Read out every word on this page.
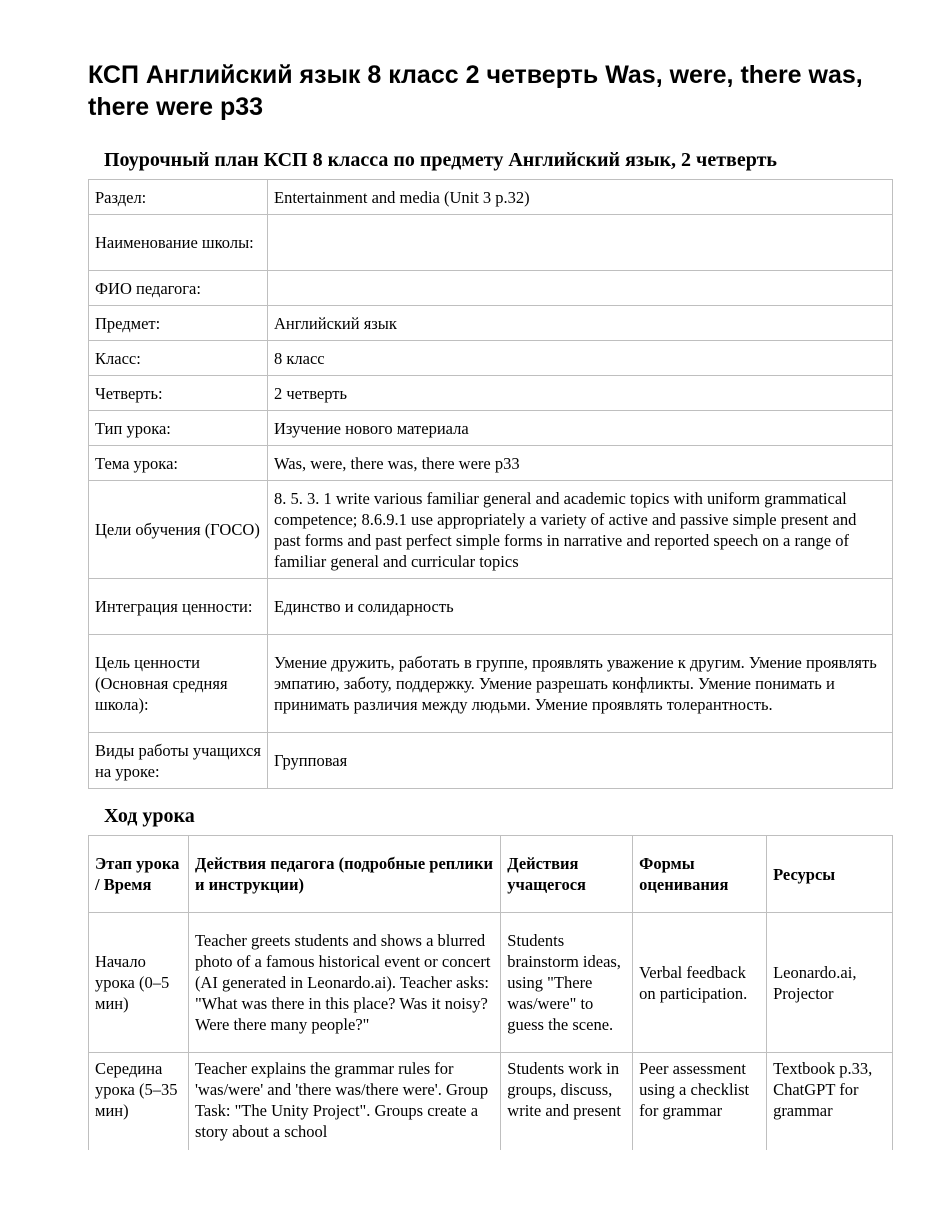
КСП Английский язык 8 класс 2 четверть Was, were, there was, there were p33
Поурочный план КСП 8 класса по предмету Английский язык, 2 четверть
Раздел:	Entertainment and media (Unit 3 p.32)
Наименование школы:	
ФИО педагога:	
Предмет:	Английский язык
Класс:	8 класс
Четверть:	2 четверть
Тип урока:	Изучение нового материала
Тема урока:	Was, were, there was, there were p33
Цели обучения (ГОСО)	8. 5. 3. 1 write various familiar general and academic topics with uniform grammatical competence; 8.6.9.1 use appropriately a variety of active and passive simple present and past forms and past perfect simple forms in narrative and reported speech on a range of familiar general and curricular topics
Интеграция ценности:	Единство и солидарность
Цель ценности (Основная средняя школа):	Умение дружить, работать в группе, проявлять уважение к другим. Умение проявлять эмпатию, заботу, поддержку. Умение разрешать конфликты. Умение понимать и принимать различия между людьми. Умение проявлять толерантность.
Виды работы учащихся на уроке:	Групповая
Ход урока
Этап урока / Время	Действия педагога (подробные реплики и инструкции)	Действия учащегося	Формы оценивания	Ресурсы
Начало урока (0–5 мин)	Teacher greets students and shows a blurred photo of a famous historical event or concert (AI generated in Leonardo.ai). Teacher asks: "What was there in this place? Was it noisy? Were there many people?"	Students brainstorm ideas, using "There was/were" to guess the scene.	Verbal feedback on participation.	Leonardo.ai, Projector
Середина урока (5–35 мин)	Teacher explains the grammar rules for 'was/were' and 'there was/there were'. Group Task: "The Unity Project". Groups create a story about a school	Students work in groups, discuss, write and present	Peer assessment using a checklist for grammar	Textbook p.33, ChatGPT for grammar
